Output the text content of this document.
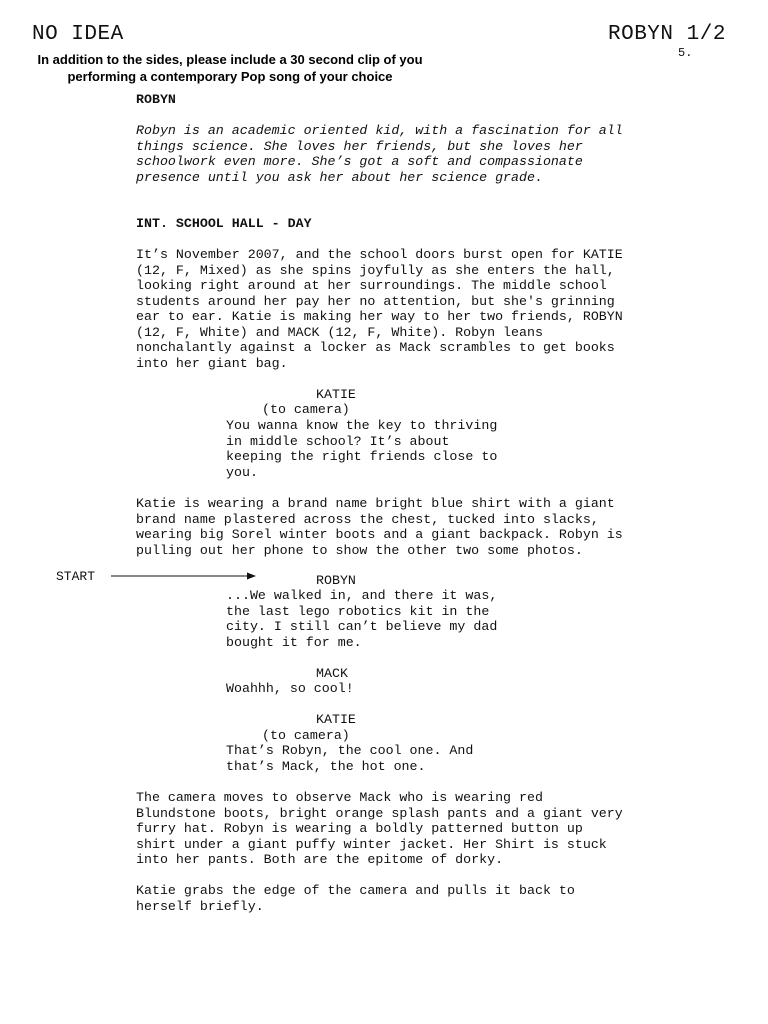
NO IDEA	ROBYN 1/2
5.
In addition to the sides, please include a 30 second clip of you
performing a contemporary Pop song of your choice
ROBYN
Robyn is an academic oriented kid, with a fascination for all
things science. She loves her friends, but she loves her
schoolwork even more. She’s got a soft and compassionate
presence until you ask her about her science grade.
INT. SCHOOL HALL - DAY
It’s November 2007, and the school doors burst open for KATIE
(12, F, Mixed) as she spins joyfully as she enters the hall,
looking right around at her surroundings. The middle school
students around her pay her no attention, but she's grinning
ear to ear. Katie is making her way to her two friends, ROBYN
(12, F, White) and MACK (12, F, White). Robyn leans
nonchalantly against a locker as Mack scrambles to get books
into her giant bag.
KATIE
(to camera)
You wanna know the key to thriving
in middle school? It’s about
keeping the right friends close to
you.
Katie is wearing a brand name bright blue shirt with a giant
brand name plastered across the chest, tucked into slacks,
wearing big Sorel winter boots and a giant backpack. Robyn is
pulling out her phone to show the other two some photos.
START	ROBYN
...We walked in, and there it was,
the last lego robotics kit in the
city. I still can’t believe my dad
bought it for me.
MACK
Woahhh, so cool!
KATIE
(to camera)
That’s Robyn, the cool one. And
that’s Mack, the hot one.
The camera moves to observe Mack who is wearing red
Blundstone boots, bright orange splash pants and a giant very
furry hat. Robyn is wearing a boldly patterned button up
shirt under a giant puffy winter jacket. Her Shirt is stuck
into her pants. Both are the epitome of dorky.
Katie grabs the edge of the camera and pulls it back to
herself briefly.
